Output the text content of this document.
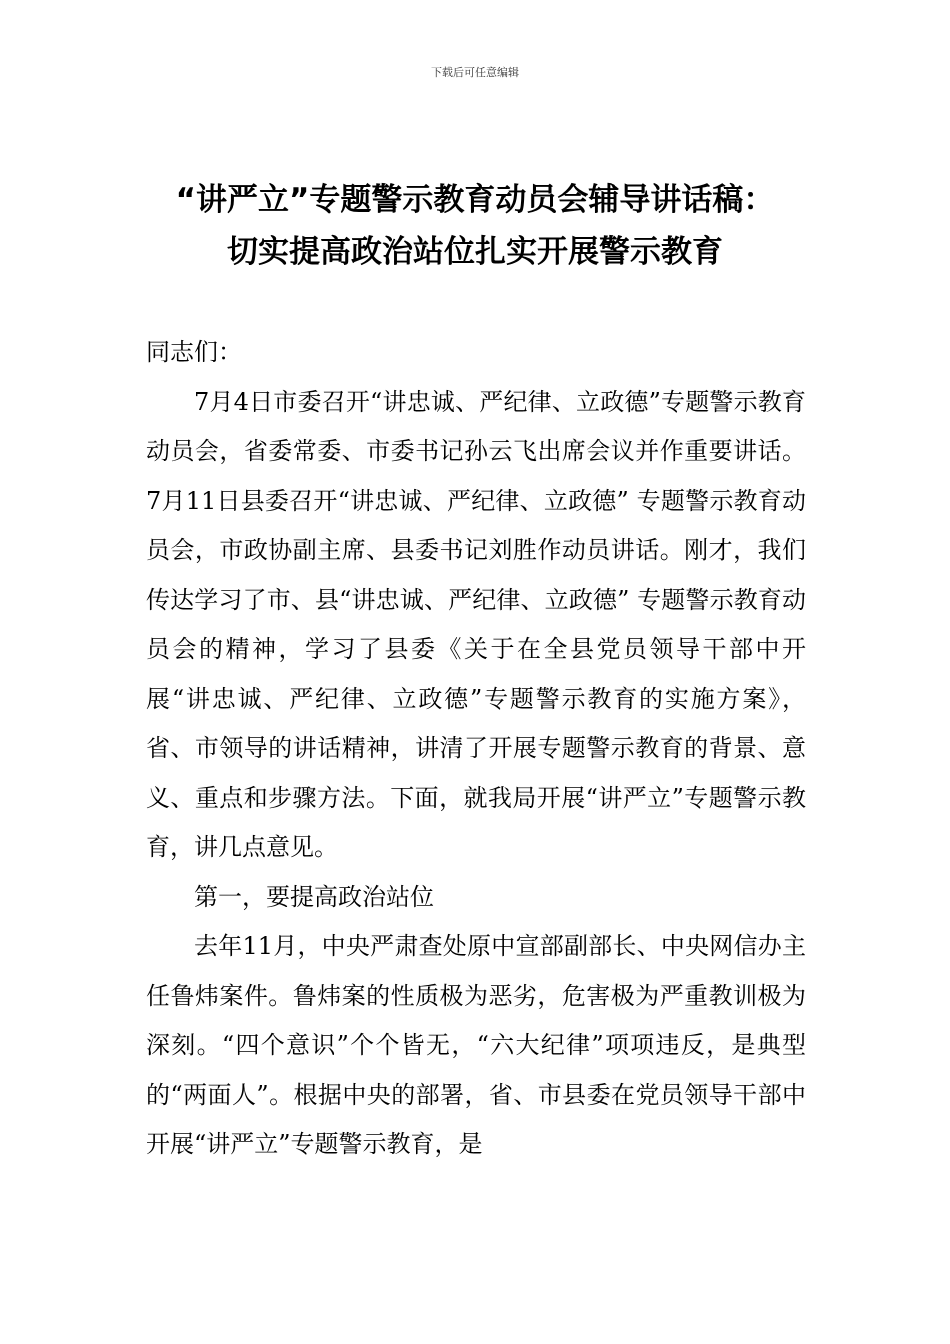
下载后可任意编辑
“讲严立”专题警示教育动员会辅导讲话稿：
切实提高政治站位扎实开展警示教育

同志们：

7月4日市委召开“讲忠诚、严纪律、立政德”专题警示教育动员会，省委常委、市委书记孙云飞出席会议并作重要讲话。7月11日县委召开“讲忠诚、严纪律、立政德” 专题警示教育动员会，市政协副主席、县委书记刘胜作动员讲话。刚才，我们传达学习了市、县“讲忠诚、严纪律、立政德” 专题警示教育动员会的精神，学习了县委《关于在全县党员领导干部中开展“讲忠诚、严纪律、立政德”专题警示教育的实施方案》，省、市领导的讲话精神，讲清了开展专题警示教育的背景、意义、重点和步骤方法。下面，就我局开展“讲严立”专题警示教育，讲几点意见。

第一，要提高政治站位

去年11月，中央严肃查处原中宣部副部长、中央网信办主任鲁炜案件。鲁炜案的性质极为恶劣，危害极为严重教训极为深刻。“四个意识”个个皆无，“六大纪律”项项违反，是典型的“两面人”。根据中央的部署，省、市县委在党员领导干部中开展“讲严立”专题警示教育，是
